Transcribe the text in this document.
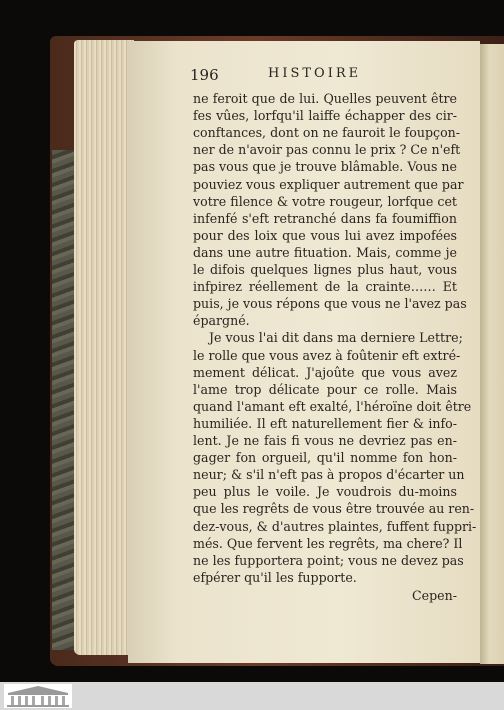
196	HISTOIRE
ne feroit que de lui. Quelles peuvent être
fes vûes, lorfqu'il laiffe échapper des cir-
conftances, dont on ne fauroit le foupçon-
ner de n'avoir pas connu le prix ? Ce n'eft
pas vous que je trouve blâmable. Vous ne
pouviez vous expliquer autrement que par
votre filence & votre rougeur, lorfque cet
infenfé s'eft retranché dans fa foumiffion
pour des loix que vous lui avez impofées
dans une autre fituation. Mais, comme je
le difois quelques lignes plus haut, vous
infpirez réellement de la crainte…… Et
puis, je vous répons que vous ne l'avez pas
épargné.
Je vous l'ai dit dans ma derniere Lettre;
le rolle que vous avez à foûtenir eft extré-
mement délicat. J'ajoûte que vous avez
l'ame trop délicate pour ce rolle. Mais
quand l'amant eft exalté, l'héroïne doit être
humiliée. Il eft naturellement fier & info-
lent. Je ne fais fi vous ne devriez pas en-
gager fon orgueil, qu'il nomme fon hon-
neur; & s'il n'eft pas à propos d'écarter un
peu plus le voile. Je voudrois du-moins
que les regrêts de vous être trouvée au ren-
dez-vous, & d'autres plaintes, fuffent fuppri-
més. Que fervent les regrêts, ma chere? Il
ne les fupportera point; vous ne devez pas
efpérer qu'il les fupporte.
Cepen-
